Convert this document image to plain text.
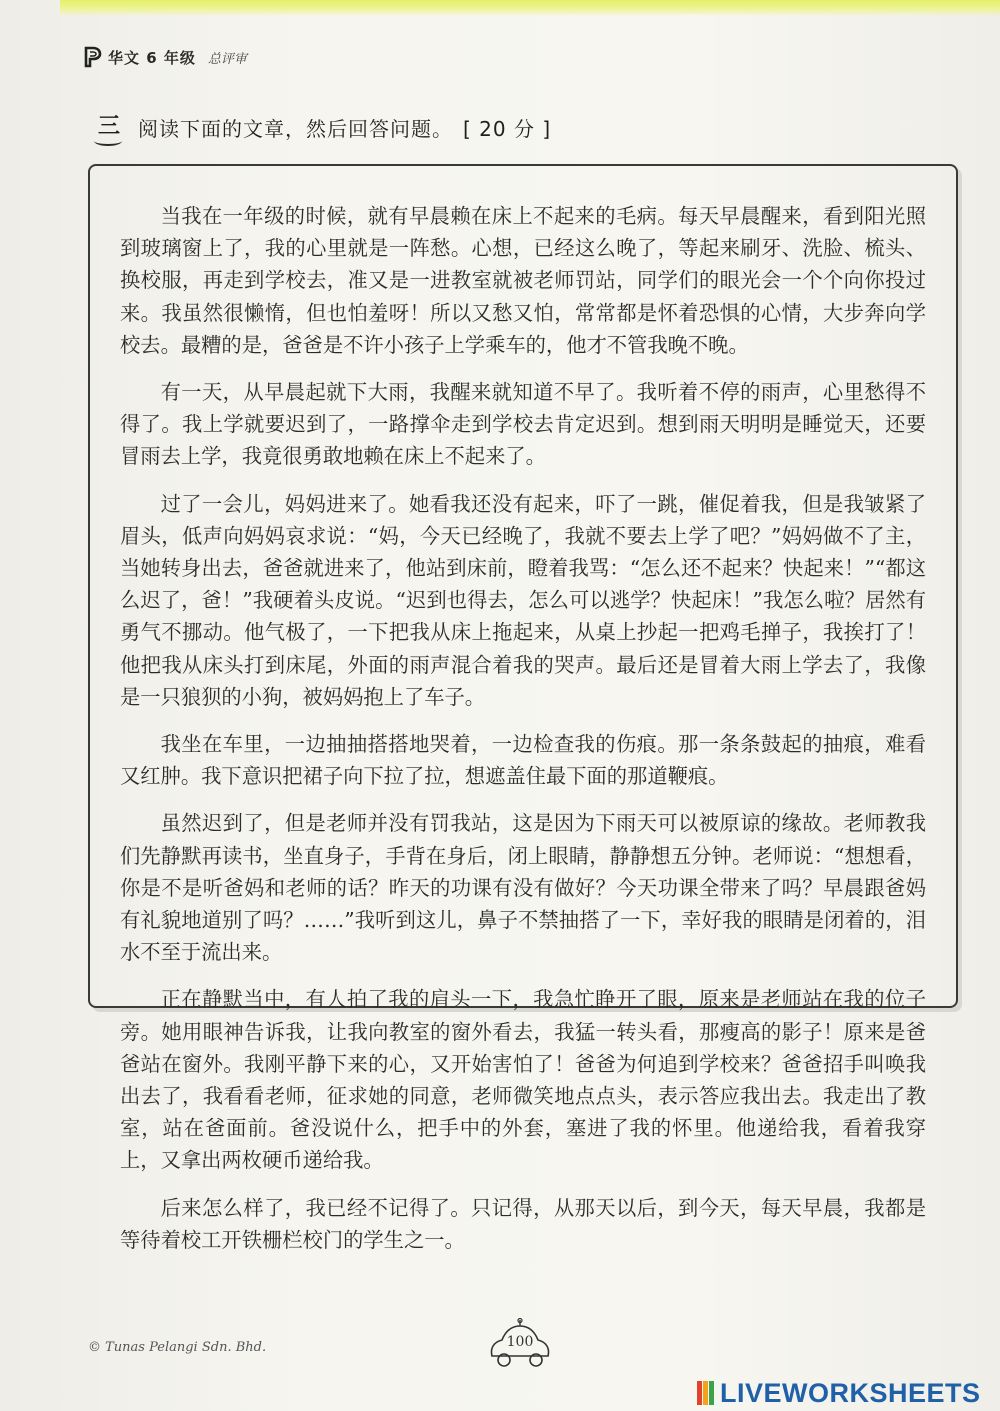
华文 6 年级 总评审
三 阅读下面的文章，然后回答问题。 [ 20 分 ]

当我在一年级的时候，就有早晨赖在床上不起来的毛病。每天早晨醒来，看到阳光照到玻璃窗上了，我的心里就是一阵愁。心想，已经这么晚了，等起来刷牙、洗脸、梳头、换校服，再走到学校去，准又是一进教室就被老师罚站，同学们的眼光会一个个向你投过来。我虽然很懒惰，但也怕羞呀！所以又愁又怕，常常都是怀着恐惧的心情，大步奔向学校去。最糟的是，爸爸是不许小孩子上学乘车的，他才不管我晚不晚。

有一天，从早晨起就下大雨，我醒来就知道不早了。我听着不停的雨声，心里愁得不得了。我上学就要迟到了，一路撑伞走到学校去肯定迟到。想到雨天明明是睡觉天，还要冒雨去上学，我竟很勇敢地赖在床上不起来了。

过了一会儿，妈妈进来了。她看我还没有起来，吓了一跳，催促着我，但是我皱紧了眉头，低声向妈妈哀求说：“妈，今天已经晚了，我就不要去上学了吧？”妈妈做不了主，当她转身出去，爸爸就进来了，他站到床前，瞪着我骂：“怎么还不起来？快起来！”“都这么迟了，爸！”我硬着头皮说。“迟到也得去，怎么可以逃学？快起床！”我怎么啦？居然有勇气不挪动。他气极了，一下把我从床上拖起来，从桌上抄起一把鸡毛掸子，我挨打了！他把我从床头打到床尾，外面的雨声混合着我的哭声。最后还是冒着大雨上学去了，我像是一只狼狈的小狗，被妈妈抱上了车子。

我坐在车里，一边抽抽搭搭地哭着，一边检查我的伤痕。那一条条鼓起的抽痕，难看又红肿。我下意识把裙子向下拉了拉，想遮盖住最下面的那道鞭痕。

虽然迟到了，但是老师并没有罚我站，这是因为下雨天可以被原谅的缘故。老师教我们先静默再读书，坐直身子，手背在身后，闭上眼睛，静静想五分钟。老师说：“想想看，你是不是听爸妈和老师的话？昨天的功课有没有做好？今天功课全带来了吗？早晨跟爸妈有礼貌地道别了吗？……”我听到这儿，鼻子不禁抽搭了一下，幸好我的眼睛是闭着的，泪水不至于流出来。

正在静默当中，有人拍了我的肩头一下，我急忙睁开了眼，原来是老师站在我的位子旁。她用眼神告诉我，让我向教室的窗外看去，我猛一转头看，那瘦高的影子！原来是爸爸站在窗外。我刚平静下来的心，又开始害怕了！爸爸为何追到学校来？爸爸招手叫唤我出去了，我看看老师，征求她的同意，老师微笑地点点头，表示答应我出去。我走出了教室，站在爸面前。爸没说什么，把手中的外套，塞进了我的怀里。他递给我，看着我穿上，又拿出两枚硬币递给我。

后来怎么样了，我已经不记得了。只记得，从那天以后，到今天，每天早晨，我都是等待着校工开铁栅栏校门的学生之一。

© Tunas Pelangi Sdn. Bhd.	100
LIVEWORKSHEETS
